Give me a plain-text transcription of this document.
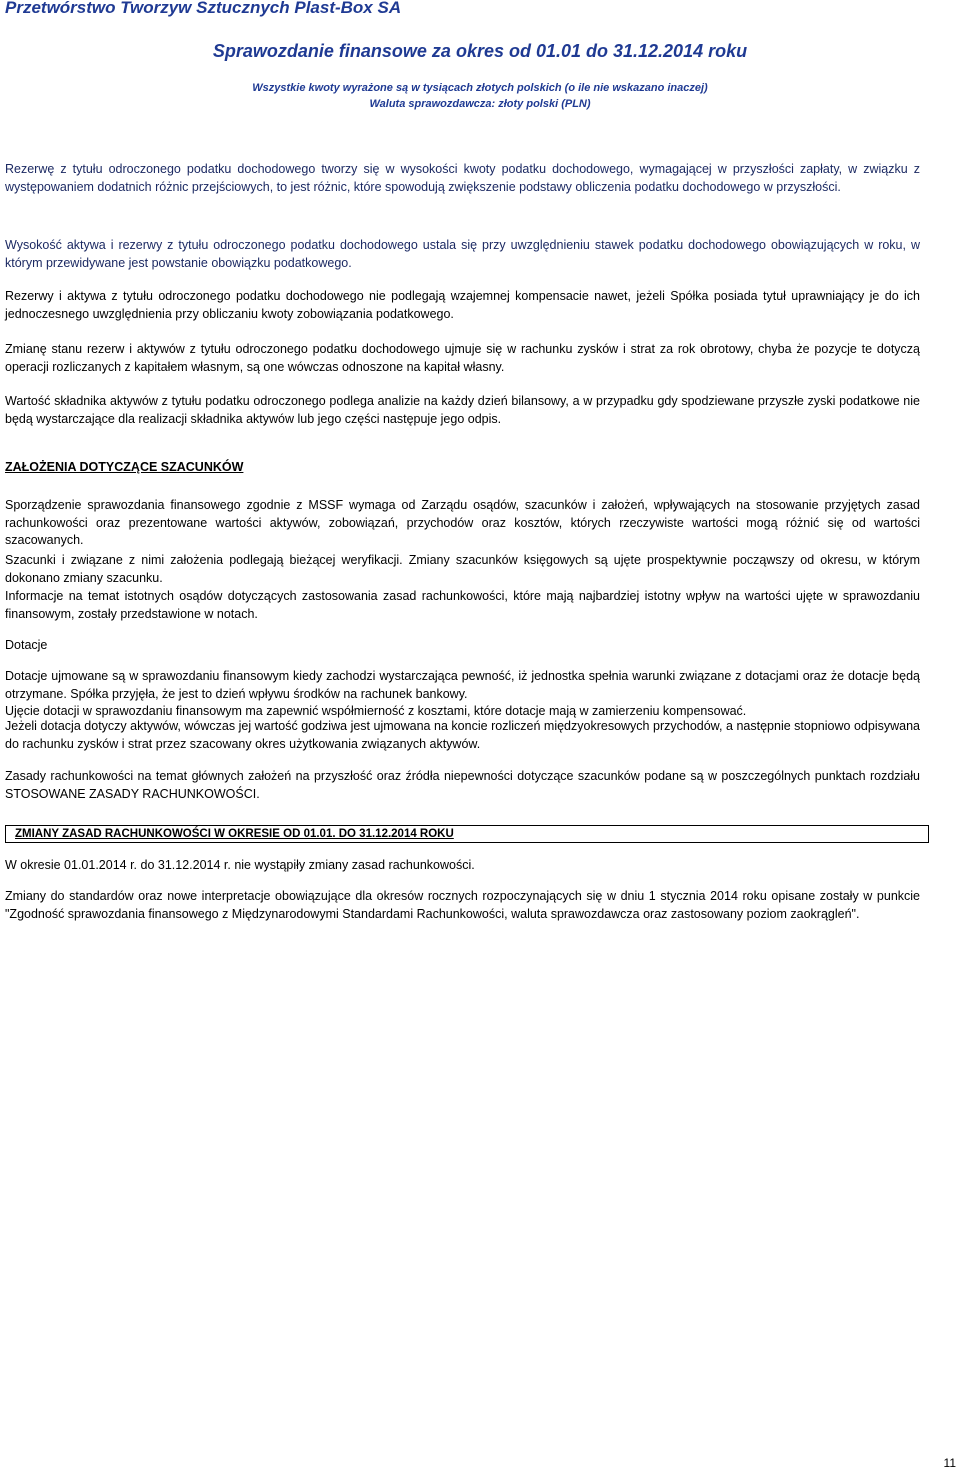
Przetwórstwo Tworzyw Sztucznych Plast-Box SA
Sprawozdanie finansowe za okres od 01.01 do 31.12.2014 roku
Wszystkie kwoty wyrażone są w tysiącach złotych polskich (o ile nie wskazano inaczej)
Waluta sprawozdawcza: złoty polski (PLN)

Rezerwę z tytułu odroczonego podatku dochodowego tworzy się w wysokości kwoty podatku dochodowego, wymagającej w przyszłości zapłaty, w związku z występowaniem dodatnich różnic przejściowych, to jest różnic, które spowodują zwiększenie podstawy obliczenia podatku dochodowego w przyszłości.

Wysokość aktywa i rezerwy z tytułu odroczonego podatku dochodowego ustala się przy uwzględnieniu stawek podatku dochodowego obowiązujących w roku, w którym przewidywane jest powstanie obowiązku podatkowego.

Rezerwy i aktywa z tytułu odroczonego podatku dochodowego nie podlegają wzajemnej kompensacie nawet, jeżeli Spółka posiada tytuł uprawniający je do ich jednoczesnego uwzględnienia przy obliczaniu kwoty zobowiązania podatkowego.

Zmianę stanu rezerw i aktywów z tytułu odroczonego podatku dochodowego ujmuje się w rachunku zysków i strat za rok obrotowy, chyba że pozycje te dotyczą operacji rozliczanych z kapitałem własnym, są one wówczas odnoszone na kapitał własny.

Wartość składnika aktywów z tytułu podatku odroczonego podlega analizie na każdy dzień bilansowy, a w przypadku gdy spodziewane przyszłe zyski podatkowe nie będą wystarczające dla realizacji składnika aktywów lub jego części następuje jego odpis.

ZAŁOŻENIA DOTYCZĄCE SZACUNKÓW

Sporządzenie sprawozdania finansowego zgodnie z MSSF wymaga od Zarządu osądów, szacunków i założeń, wpływających na stosowanie przyjętych zasad rachunkowości oraz prezentowane wartości aktywów, zobowiązań, przychodów oraz kosztów, których rzeczywiste wartości mogą różnić się od wartości szacowanych.

Szacunki i związane z nimi założenia podlegają bieżącej weryfikacji. Zmiany szacunków księgowych są ujęte prospektywnie począwszy od okresu, w którym dokonano zmiany szacunku.

Informacje na temat istotnych osądów dotyczących zastosowania zasad rachunkowości, które mają najbardziej istotny wpływ na wartości ujęte w sprawozdaniu finansowym, zostały przedstawione w notach.

Dotacje

Dotacje ujmowane są w sprawozdaniu finansowym kiedy zachodzi wystarczająca pewność, iż jednostka spełnia warunki związane z dotacjami oraz że dotacje będą otrzymane. Spółka przyjęła, że jest to dzień wpływu środków na rachunek bankowy.

Ujęcie dotacji w sprawozdaniu finansowym ma zapewnić współmierność z kosztami, które dotacje mają w zamierzeniu kompensować.

Jeżeli dotacja dotyczy aktywów, wówczas jej wartość godziwa jest ujmowana na koncie rozliczeń międzyokresowych przychodów, a następnie stopniowo odpisywana do rachunku zysków i strat przez szacowany okres użytkowania związanych aktywów.

Zasady rachunkowości na temat głównych założeń na przyszłość oraz źródła niepewności dotyczące szacunków podane są w poszczególnych punktach rozdziału STOSOWANE ZASADY RACHUNKOWOŚCI.

ZMIANY ZASAD RACHUNKOWOŚCI W OKRESIE OD 01.01. DO 31.12.2014 ROKU

W okresie 01.01.2014 r. do 31.12.2014 r. nie wystąpiły zmiany zasad rachunkowości.

Zmiany do standardów oraz nowe interpretacje obowiązujące dla okresów rocznych rozpoczynających się w dniu 1 stycznia 2014 roku opisane zostały w punkcie "Zgodność sprawozdania finansowego z Międzynarodowymi Standardami Rachunkowości, waluta sprawozdawcza oraz zastosowany poziom zaokrągleń".

11
